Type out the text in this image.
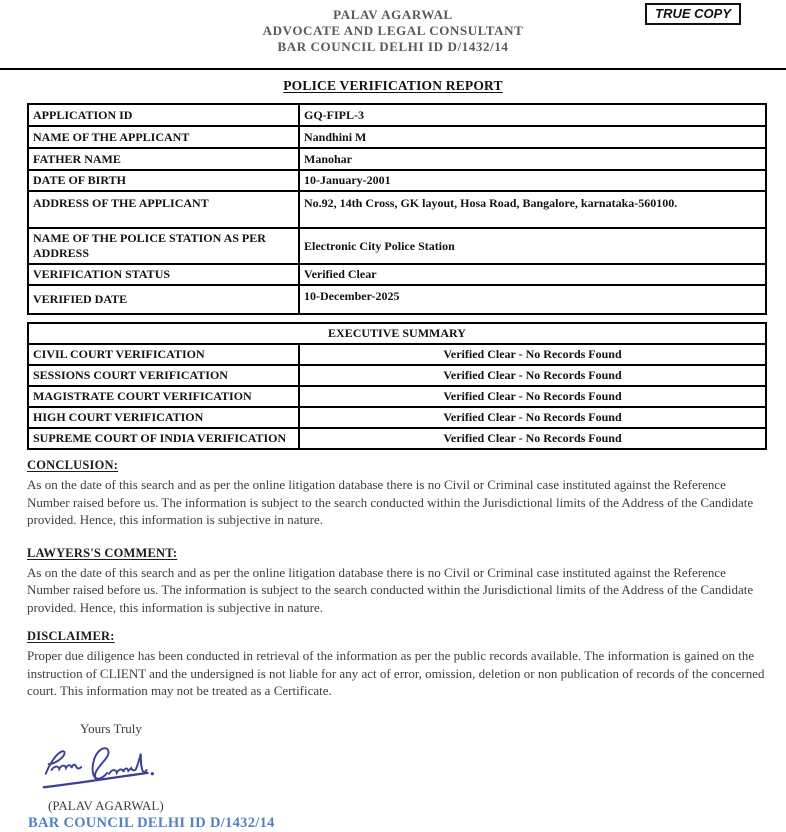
PALAV AGARWAL
ADVOCATE AND LEGAL CONSULTANT
BAR COUNCIL DELHI ID D/1432/14
TRUE COPY
POLICE VERIFICATION REPORT
APPLICATION ID	GQ-FIPL-3
NAME OF THE APPLICANT	Nandhini M
FATHER NAME	Manohar
DATE OF BIRTH	10-January-2001
ADDRESS OF THE APPLICANT	No.92, 14th Cross, GK layout, Hosa Road, Bangalore, karnataka-560100.
NAME OF THE POLICE STATION AS PER ADDRESS	Electronic City Police Station
VERIFICATION STATUS	Verified Clear
VERIFIED DATE	10-December-2025
EXECUTIVE SUMMARY	
CIVIL COURT VERIFICATION	Verified Clear - No Records Found
SESSIONS COURT VERIFICATION	Verified Clear - No Records Found
MAGISTRATE COURT VERIFICATION	Verified Clear - No Records Found
HIGH COURT VERIFICATION	Verified Clear - No Records Found
SUPREME COURT OF INDIA VERIFICATION	Verified Clear - No Records Found
CONCLUSION:
As on the date of this search and as per the online litigation database there is no Civil or Criminal case instituted against the Reference Number raised before us. The information is subject to the search conducted within the Jurisdictional limits of the Address of the Candidate provided. Hence, this information is subjective in nature.
LAWYERS'S COMMENT:
As on the date of this search and as per the online litigation database there is no Civil or Criminal case instituted against the Reference Number raised before us. The information is subject to the search conducted within the Jurisdictional limits of the Address of the Candidate provided. Hence, this information is subjective in nature.
DISCLAIMER:
Proper due diligence has been conducted in retrieval of the information as per the public records available. The information is gained on the instruction of CLIENT and the undersigned is not liable for any act of error, omission, deletion or non publication of records of the concerned court. This information may not be treated as a Certificate.
Yours Truly
(PALAV AGARWAL)
BAR COUNCIL DELHI ID D/1432/14
